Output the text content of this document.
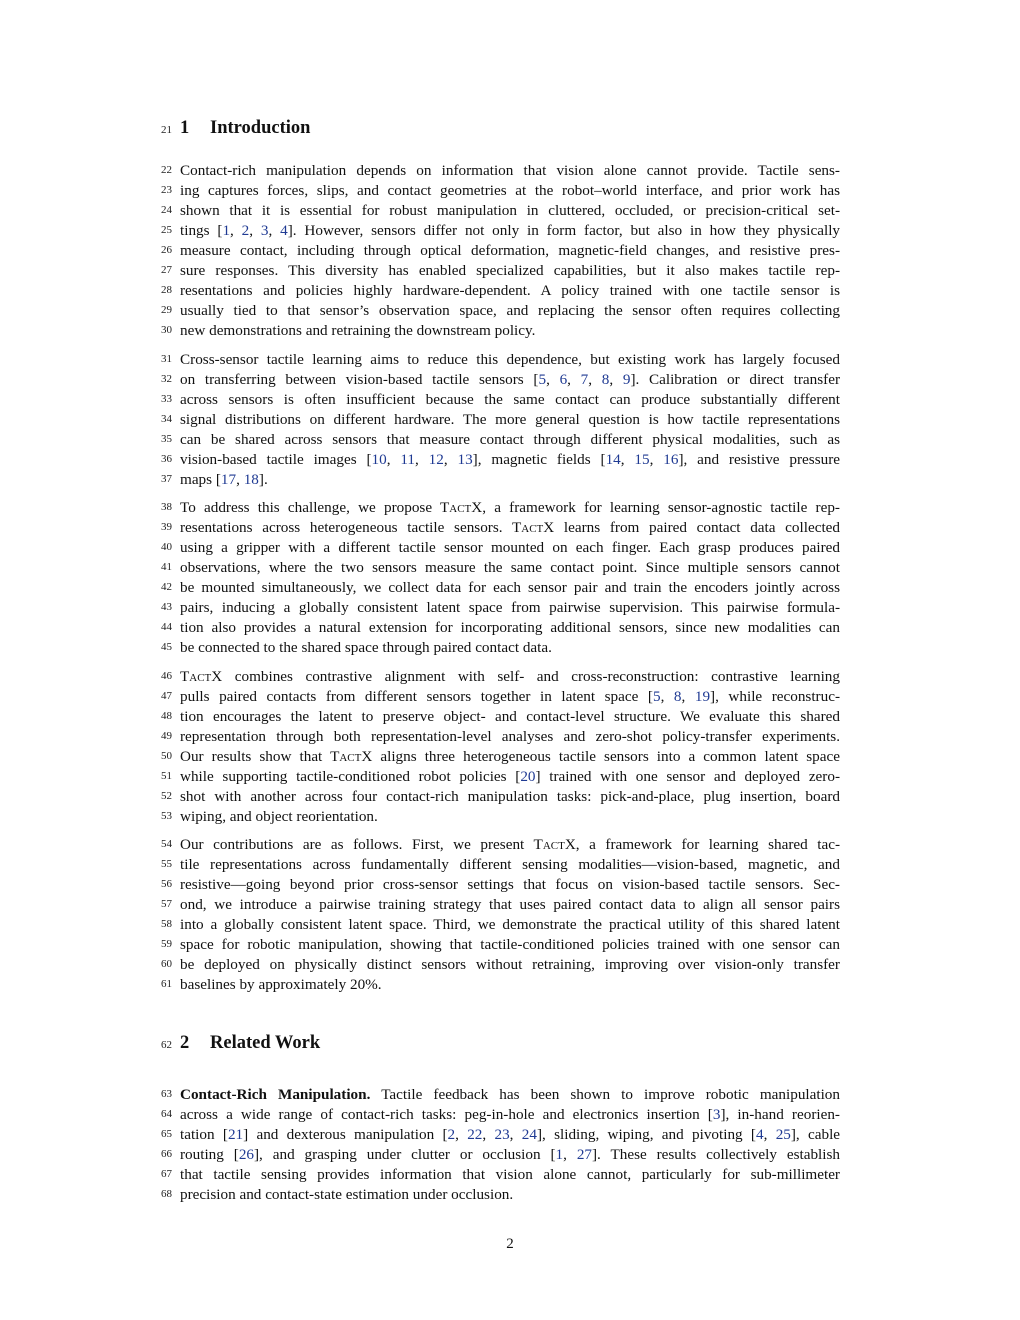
21 1 Introduction
22 Contact-rich manipulation depends on information that vision alone cannot provide. Tactile sens-
23 ing captures forces, slips, and contact geometries at the robot–world interface, and prior work has
24 shown that it is essential for robust manipulation in cluttered, occluded, or precision-critical set-
25 tings [1, 2, 3, 4]. However, sensors differ not only in form factor, but also in how they physically
26 measure contact, including through optical deformation, magnetic-field changes, and resistive pres-
27 sure responses. This diversity has enabled specialized capabilities, but it also makes tactile rep-
28 resentations and policies highly hardware-dependent. A policy trained with one tactile sensor is
29 usually tied to that sensor’s observation space, and replacing the sensor often requires collecting
30 new demonstrations and retraining the downstream policy.
31 Cross-sensor tactile learning aims to reduce this dependence, but existing work has largely focused
32 on transferring between vision-based tactile sensors [5, 6, 7, 8, 9]. Calibration or direct transfer
33 across sensors is often insufficient because the same contact can produce substantially different
34 signal distributions on different hardware. The more general question is how tactile representations
35 can be shared across sensors that measure contact through different physical modalities, such as
36 vision-based tactile images [10, 11, 12, 13], magnetic fields [14, 15, 16], and resistive pressure
37 maps [17, 18].
38 To address this challenge, we propose TactX, a framework for learning sensor-agnostic tactile rep-
39 resentations across heterogeneous tactile sensors. TactX learns from paired contact data collected
40 using a gripper with a different tactile sensor mounted on each finger. Each grasp produces paired
41 observations, where the two sensors measure the same contact point. Since multiple sensors cannot
42 be mounted simultaneously, we collect data for each sensor pair and train the encoders jointly across
43 pairs, inducing a globally consistent latent space from pairwise supervision. This pairwise formula-
44 tion also provides a natural extension for incorporating additional sensors, since new modalities can
45 be connected to the shared space through paired contact data.
46 TactX combines contrastive alignment with self- and cross-reconstruction: contrastive learning
47 pulls paired contacts from different sensors together in latent space [5, 8, 19], while reconstruc-
48 tion encourages the latent to preserve object- and contact-level structure. We evaluate this shared
49 representation through both representation-level analyses and zero-shot policy-transfer experiments.
50 Our results show that TactX aligns three heterogeneous tactile sensors into a common latent space
51 while supporting tactile-conditioned robot policies [20] trained with one sensor and deployed zero-
52 shot with another across four contact-rich manipulation tasks: pick-and-place, plug insertion, board
53 wiping, and object reorientation.
54 Our contributions are as follows. First, we present TactX, a framework for learning shared tac-
55 tile representations across fundamentally different sensing modalities—vision-based, magnetic, and
56 resistive—going beyond prior cross-sensor settings that focus on vision-based tactile sensors. Sec-
57 ond, we introduce a pairwise training strategy that uses paired contact data to align all sensor pairs
58 into a globally consistent latent space. Third, we demonstrate the practical utility of this shared latent
59 space for robotic manipulation, showing that tactile-conditioned policies trained with one sensor can
60 be deployed on physically distinct sensors without retraining, improving over vision-only transfer
61 baselines by approximately 20%.
62 2 Related Work
63 Contact-Rich Manipulation. Tactile feedback has been shown to improve robotic manipulation
64 across a wide range of contact-rich tasks: peg-in-hole and electronics insertion [3], in-hand reorien-
65 tation [21] and dexterous manipulation [2, 22, 23, 24], sliding, wiping, and pivoting [4, 25], cable
66 routing [26], and grasping under clutter or occlusion [1, 27]. These results collectively establish
67 that tactile sensing provides information that vision alone cannot, particularly for sub-millimeter
68 precision and contact-state estimation under occlusion.
2
